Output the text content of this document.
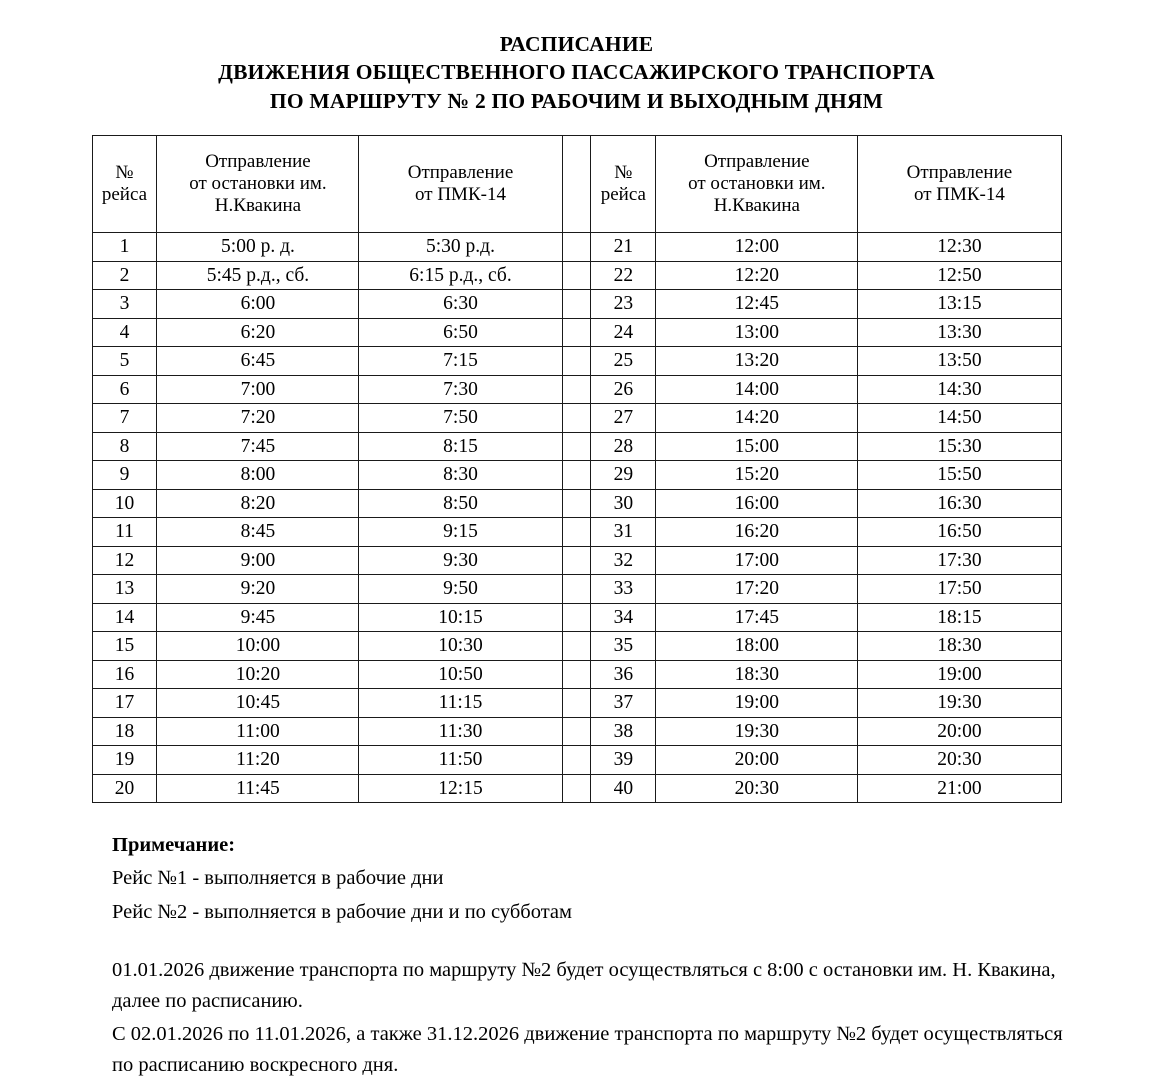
РАСПИСАНИЕ
ДВИЖЕНИЯ ОБЩЕСТВЕННОГО ПАССАЖИРСКОГО ТРАНСПОРТА
ПО МАРШРУТУ № 2 ПО РАБОЧИМ И ВЫХОДНЫМ ДНЯМ
№
рейса	Отправление
от остановки им.
Н.Квакина	Отправление
от ПМК-14		№
рейса	Отправление
от остановки им.
Н.Квакина	Отправление
от ПМК-14

1	5:00 р. д.	5:30 р.д.		21	12:00	12:30
2	5:45 р.д., сб.	6:15 р.д., сб.		22	12:20	12:50
3	6:00	6:30		23	12:45	13:15
4	6:20	6:50		24	13:00	13:30
5	6:45	7:15		25	13:20	13:50
6	7:00	7:30		26	14:00	14:30
7	7:20	7:50		27	14:20	14:50
8	7:45	8:15		28	15:00	15:30
9	8:00	8:30		29	15:20	15:50
10	8:20	8:50		30	16:00	16:30
11	8:45	9:15		31	16:20	16:50
12	9:00	9:30		32	17:00	17:30
13	9:20	9:50		33	17:20	17:50
14	9:45	10:15		34	17:45	18:15
15	10:00	10:30		35	18:00	18:30
16	10:20	10:50		36	18:30	19:00
17	10:45	11:15		37	19:00	19:30
18	11:00	11:30		38	19:30	20:00
19	11:20	11:50		39	20:00	20:30
20	11:45	12:15		40	20:30	21:00
Примечание:
Рейс №1 - выполняется в рабочие дни
Рейс №2 - выполняется в рабочие дни и по субботам
01.01.2026 движение транспорта по маршруту №2 будет осуществляться с 8:00 с остановки им. Н. Квакина, далее по расписанию.
С 02.01.2026 по 11.01.2026, а также 31.12.2026 движение транспорта по маршруту №2 будет осуществляться по расписанию воскресного дня.
